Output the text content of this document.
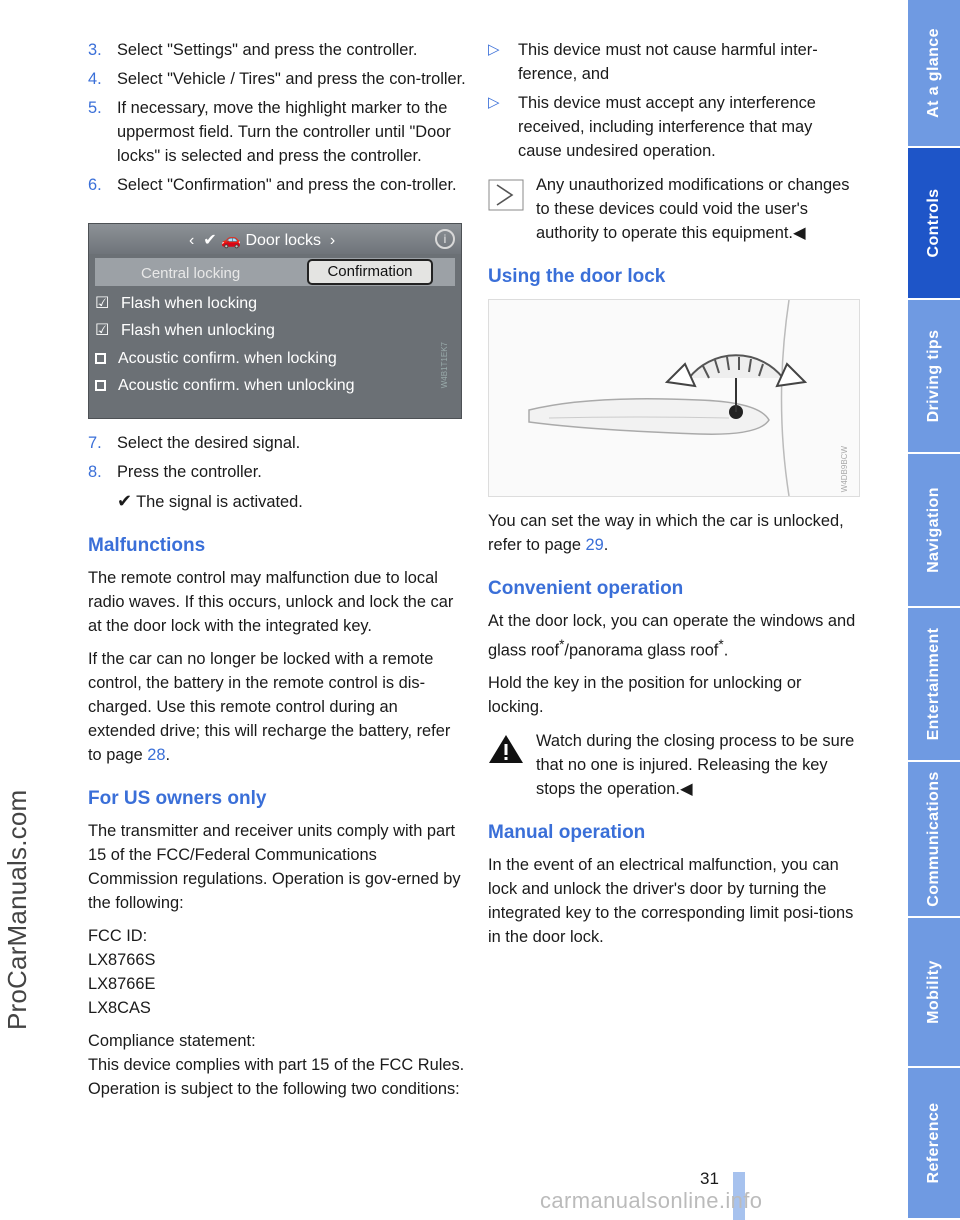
ProCarManuals.com
3. Select "Settings" and press the controller.
4. Select "Vehicle / Tires" and press the con-troller.
5. If necessary, move the highlight marker to the uppermost field. Turn the controller until "Door locks" is selected and press the controller.
6. Select "Confirmation" and press the con-troller.
‹  ✔ 🚗 Door locks  ›	i
Central locking	Confirmation
☑ Flash when locking
☑ Flash when unlocking
Acoustic confirm. when locking
Acoustic confirm. when unlocking	W4B1T1EK7
7. Select the desired signal.
8. Press the controller.
✔ The signal is activated.
Malfunctions

The remote control may malfunction due to local radio waves. If this occurs, unlock and lock the car at the door lock with the integrated key.

If the car can no longer be locked with a remote control, the battery in the remote control is dis-charged. Use this remote control during an extended drive; this will recharge the battery, refer to page 28.

For US owners only

The transmitter and receiver units comply with part 15 of the FCC/Federal Communications Commission regulations. Operation is gov-erned by the following:

FCC ID:
LX8766S
LX8766E
LX8CAS

Compliance statement:
This device complies with part 15 of the FCC Rules. Operation is subject to the following two conditions:

▷	This device must not cause harmful inter-ference, and
▷	This device must accept any interference received, including interference that may cause undesired operation.
Any unauthorized modifications or changes to these devices could void the user's authority to operate this equipment.◀
Using the door lock
W4DB9BCW

You can set the way in which the car is unlocked, refer to page 29.

Convenient operation

At the door lock, you can operate the windows and glass roof*/panorama glass roof*.

Hold the key in the position for unlocking or locking.

Watch during the closing process to be sure that no one is injured. Releasing the key stops the operation.◀
Manual operation

In the event of an electrical malfunction, you can lock and unlock the driver's door by turning the integrated key to the corresponding limit posi-tions in the door lock.

At a glance
Controls
Driving tips
Navigation
Entertainment
Communications
Mobility
Reference
31
carmanualsonline.info
